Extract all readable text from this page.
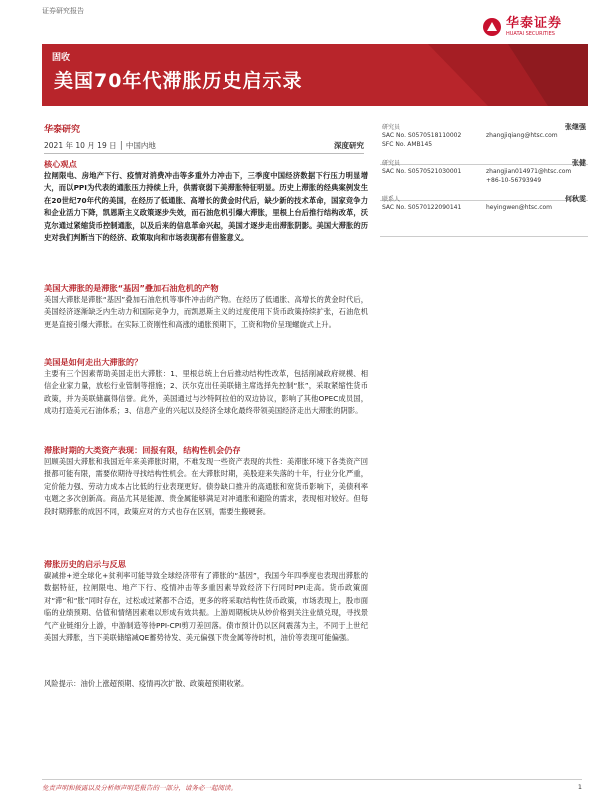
证券研究报告
华泰证券
HUATAI SECURITIES
固收
美国70年代滞胀历史启示录
华泰研究
2021 年 10 月 19 日 │ 中国内地	深度研究
核心观点

拉闸限电、房地产下行、疫情对消费冲击等多重外力冲击下，三季度中国经济数据下行压力明显增大，而以PPI为代表的通胀压力持续上升，供需衰弱下美滞胀特征明显。历史上滞胀的经典案例发生在20世纪70年代的美国，在经历了低通胀、高增长的黄金时代后，缺少新的技术革命，国家竞争力和企业活力下降，凯恩斯主义政策逐步失效，而石油危机引爆大滞胀，里根上台后推行结构改革，沃克尔通过紧缩货币控制通胀，以及后来的信息革命兴起，美国才逐步走出滞胀阴影。美国大滞胀的历史对我们判断当下的经济、政策取向和市场表现都有借鉴意义。

美国大滞胀的是滞胀“基因”叠加石油危机的产物

美国大滞胀是滞胀“基因”叠加石油危机等事件冲击的产物。在经历了低通胀、高增长的黄金时代后，美国经济逐渐缺乏内生动力和国际竞争力，而凯恩斯主义的过度使用下货币政策持续扩张，石油危机更是直接引爆大滞胀。在实际工资刚性和高涨的通胀预期下，工资和物价呈现螺旋式上升。

美国是如何走出大滞胀的？

主要有三个因素帮助美国走出大滞胀：1、里根总统上台后推动结构性改革，包括削减政府规模、相信企业家力量，放松行业管制等措施；2、沃尔克出任美联储主席选择先控制“胀”，采取紧缩性货币政策，并为美联储赢得信誉。此外，美国通过与沙特阿拉伯的双边协议，影响了其他OPEC成员国，成功打造美元石油体系；3、信息产业的兴起以及经济全球化最终带领美国经济走出大滞胀的阴影。

滞胀时期的大类资产表现：回报有限，结构性机会仍存

回顾美国大滞胀和我国近年来美滞胀时期，不难发现一些资产表现的共性：美滞胀环境下各类资产回报都可能有限，需要依期待寻找结构性机会。在大滞胀时期，美股迎来失落的十年，行业分化严重，定价能力强、劳动力成本占比低的行业表现更好。债券缺口推升的高通胀和宽货币影响下，美债利率屯题之多次创新高。商品尤其是能源、贵金属能够满足对冲通胀和避险的需求，表现相对较好。但每段时期滞胀的成因不同，政策应对的方式也存在区别，需要生搬硬套。

滞胀历史的启示与反思

碳减排+逆全球化+贫利率可能导致全球经济带有了滞胀的“基因”，我国今年四季度也表现出滞胀的数据特征，拉闸限电、地产下行、疫情冲击等多重因素导致经济下行同时PPI走高。货币政策面对“滞”和“胀”同时存在，过松或过紧都不合适，更多的将采取结构性货币政策，市场表现上，股市面临的业绩预期、估值和情绪因素难以形成有效共振。上游周期板块从炒价格到关注业绩兑现，寻找景气产业链细分上游，中游制造等待PPI-CPI剪刀差回落。债市预计仍以区间震荡为主，不同于上世纪美国大滞胀，当下美联储缩减QE蓄势待发、美元偏强下贵金属等待时机，油价等表现可能偏强。

风险提示：油价上涨超预期、疫情再次扩散、政策超预期收紧。

研究员	张继强
SAC No. S0570518110002	zhangjiqiang@htsc.com
SFC No. AMB145
研究员	张健
SAC No. S0570521030001	zhangjian014971@htsc.com
+86-10-56793949
联系人	何秋雯
SAC No. S0570122090141	heyingwen@htsc.com
免责声明和披露以及分析师声明是报告的一部分，请务必一起阅读。	1
